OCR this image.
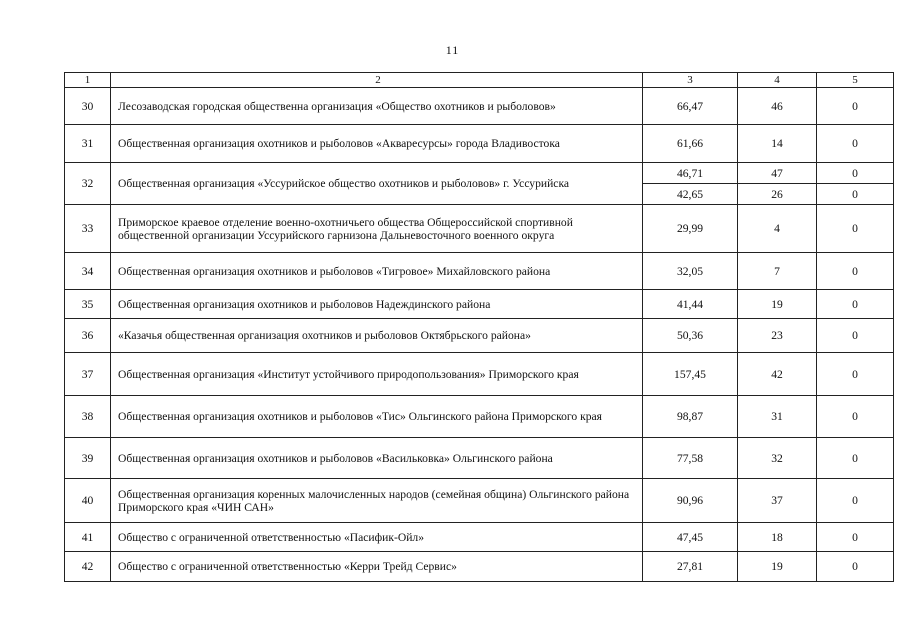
11
1	2	3	4	5
30	Лесозаводская городская общественна организация «Общество охотников и рыболовов»	66,47	46	0
31	Общественная организация охотников и рыболовов «Акваресурсы» города Владивостока	61,66	14	0
32	Общественная организация «Уссурийское общество охотников и рыболовов» г. Уссурийска	46,71	47	0
		42,65	26	0
33	Приморское краевое отделение военно-охотничьего общества Общероссийской спортивной общественной организации Уссурийского гарнизона Дальневосточного военного округа	29,99	4	0
34	Общественная организация охотников и рыболовов «Тигровое» Михайловского района	32,05	7	0
35	Общественная организация охотников и рыболовов Надеждинского района	41,44	19	0
36	«Казачья общественная организация охотников и рыболовов Октябрьского района»	50,36	23	0
37	Общественная организация «Институт устойчивого природопользования» Приморского края	157,45	42	0
38	Общественная организация охотников и рыболовов «Тис» Ольгинского района Приморского края	98,87	31	0
39	Общественная организация охотников и рыболовов «Васильковка» Ольгинского района	77,58	32	0
40	Общественная организация коренных малочисленных народов (семейная община) Ольгинского района Приморского края «ЧИН САН»	90,96	37	0
41	Общество с ограниченной ответственностью «Пасифик-Ойл»	47,45	18	0
42	Общество с ограниченной ответственностью «Керри Трейд Сервис»	27,81	19	0
